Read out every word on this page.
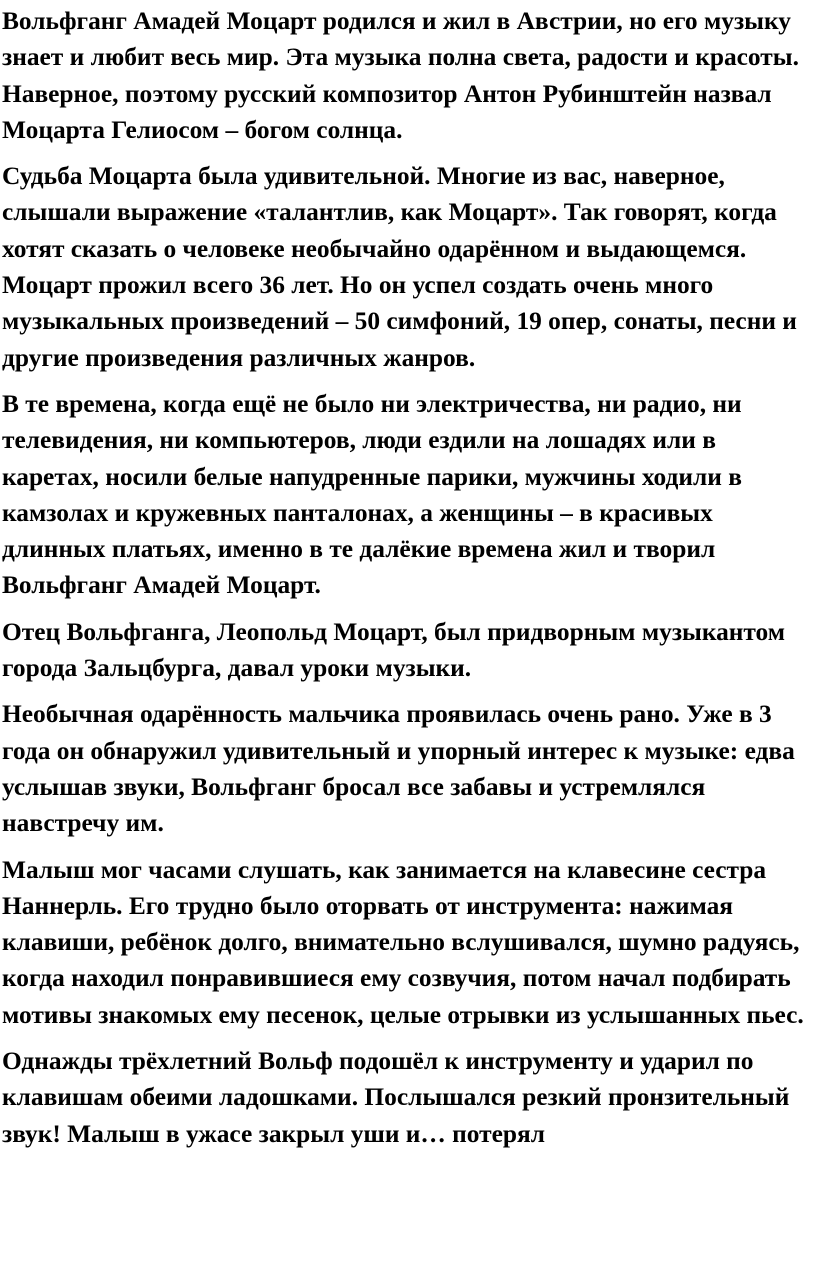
Вольфганг Амадей Моцарт родился и жил в Австрии, но его музыку знает и любит весь мир. Эта музыка полна света, радости и красоты. Наверное, поэтому русский композитор Антон Рубинштейн назвал Моцарта Гелиосом – богом солнца.

Судьба Моцарта была удивительной. Многие из вас, наверное, слышали выражение «талантлив, как Моцарт». Так говорят, когда хотят сказать о человеке необычайно одарённом и выдающемся. Моцарт прожил всего 36 лет. Но он успел создать очень много музыкальных произведений – 50 симфоний, 19 опер, сонаты, песни и другие произведения различных жанров.

В те времена, когда ещё не было ни электричества, ни радио, ни телевидения, ни компьютеров, люди ездили на лошадях или в каретах, носили белые напудренные парики, мужчины ходили в камзолах и кружевных панталонах, а женщины – в красивых длинных платьях, именно в те далёкие времена жил и творил Вольфганг Амадей Моцарт.

Отец Вольфганга, Леопольд Моцарт, был придворным музыкантом города Зальцбурга, давал уроки музыки.

Необычная одарённость мальчика проявилась очень рано. Уже в 3 года он обнаружил удивительный и упорный интерес к музыке: едва услышав звуки, Вольфганг бросал все забавы и устремлялся навстречу им.

Малыш мог часами слушать, как занимается на клавесине сестра Наннерль. Его трудно было оторвать от инструмента: нажимая клавиши, ребёнок долго, внимательно вслушивался, шумно радуясь, когда находил понравившиеся ему созвучия, потом начал подбирать мотивы знакомых ему песенок, целые отрывки из услышанных пьес.

Однажды трёхлетний Вольф подошёл к инструменту и ударил по клавишам обеими ладошками. Послышался резкий пронзительный звук! Малыш в ужасе закрыл уши и… потерял
